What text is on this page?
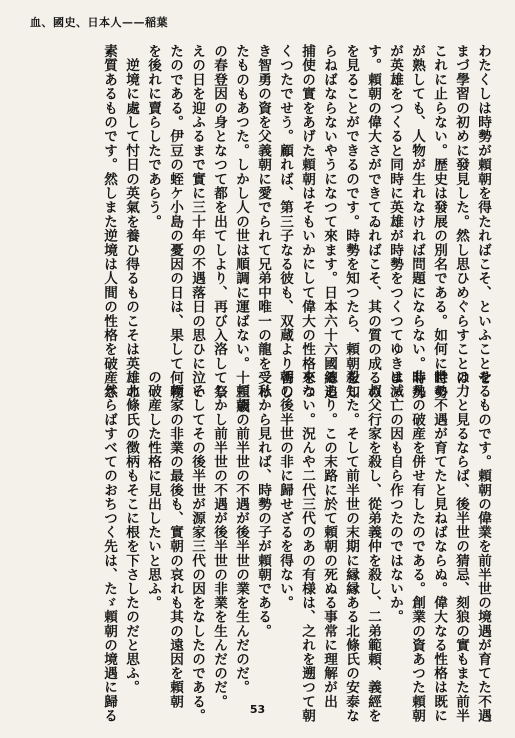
血、國史、日本人——稲葉
わたくしは時勢が頼朝を得たればこそ、といふことを
まづ學習の初めに發見した。然し思ひめぐらすことは、
これに止らない。歴史は發展の別名である。如何に時勢
が熟しても、人物が生れなければ問題にならない。時勢
が英雄をつくると同時に英雄が時勢をつくつてゆきま
す。頼朝の偉大さができてゐればこそ、其の質の成るの
を見ることができるのです。時勢を知つたら、頼朝を知
らねばならないやうになつて來ます。日本六十六國總追
捕使の實をあげた頼朝はそもいかにして偉大の性格をつ
くつたでせう。顧れば、第三子なる彼も、双蔵より香し
き智勇の資を父義朝に愛でられて兄弟中唯一の龍を受け
たものもあつた。しかし人の世は順調に運ばない。十三歳
の春登因の身となつて都を出てしより、再び入洛して祭
えの日を迎ふるまで實に三十年の不遇落日の思ひに泣い
たのである。伊豆の蛭ケ小島の憂因の日は、果して何物
を後れに賣らしたであらう。
　逆境に處して忖日の英氣を養ひ得るものこそは英雄の
素質あるものです。然しまた逆境は人間の性格を破産さ
せるものです。頼朝の偉業を前半世の境遇が育てた不遇
の力と見るならば、後半世の猜忌、刻狼の實もまた前半
世の不遇が育てたと見ねばならぬ。偉大なる性格は既に
非凡の破産を併せ有したのである。創業の資あつた頼朝
は滅亡の因も自ら作つたのではないか。
　叔父行家を殺し、從弟義仲を殺し、二弟範頼、義經を
殺した。そして前半世の末期に縁縁ある北條氏の安泰な
るあり。この末路に於て頼朝の死ぬる事常に理解が出
來ない。況んや二代三代のあの有様は、之れを遡つて朝
朝の後半世の非に歸せざるを得ない。
　私から見れば、時勢の子が頼朝である。
　頼朝の前半世の不遇が後半世の業を生んだのだ。
　しかし前半世の不遇が後半世の非業を生んだのだ。
　そしてその後半世が源家三代の因をなしたのである。
　頼家の非業の最後も、實朝の哀れも其の遠因を頼朝
の破産した性格に見出したいと思ふ。
　北條氏の徴柄もそこに根を下さしたのだと思ふ。
　然らばすべてのおちつく先は、たゞ頼朝の境遇に歸る	53
